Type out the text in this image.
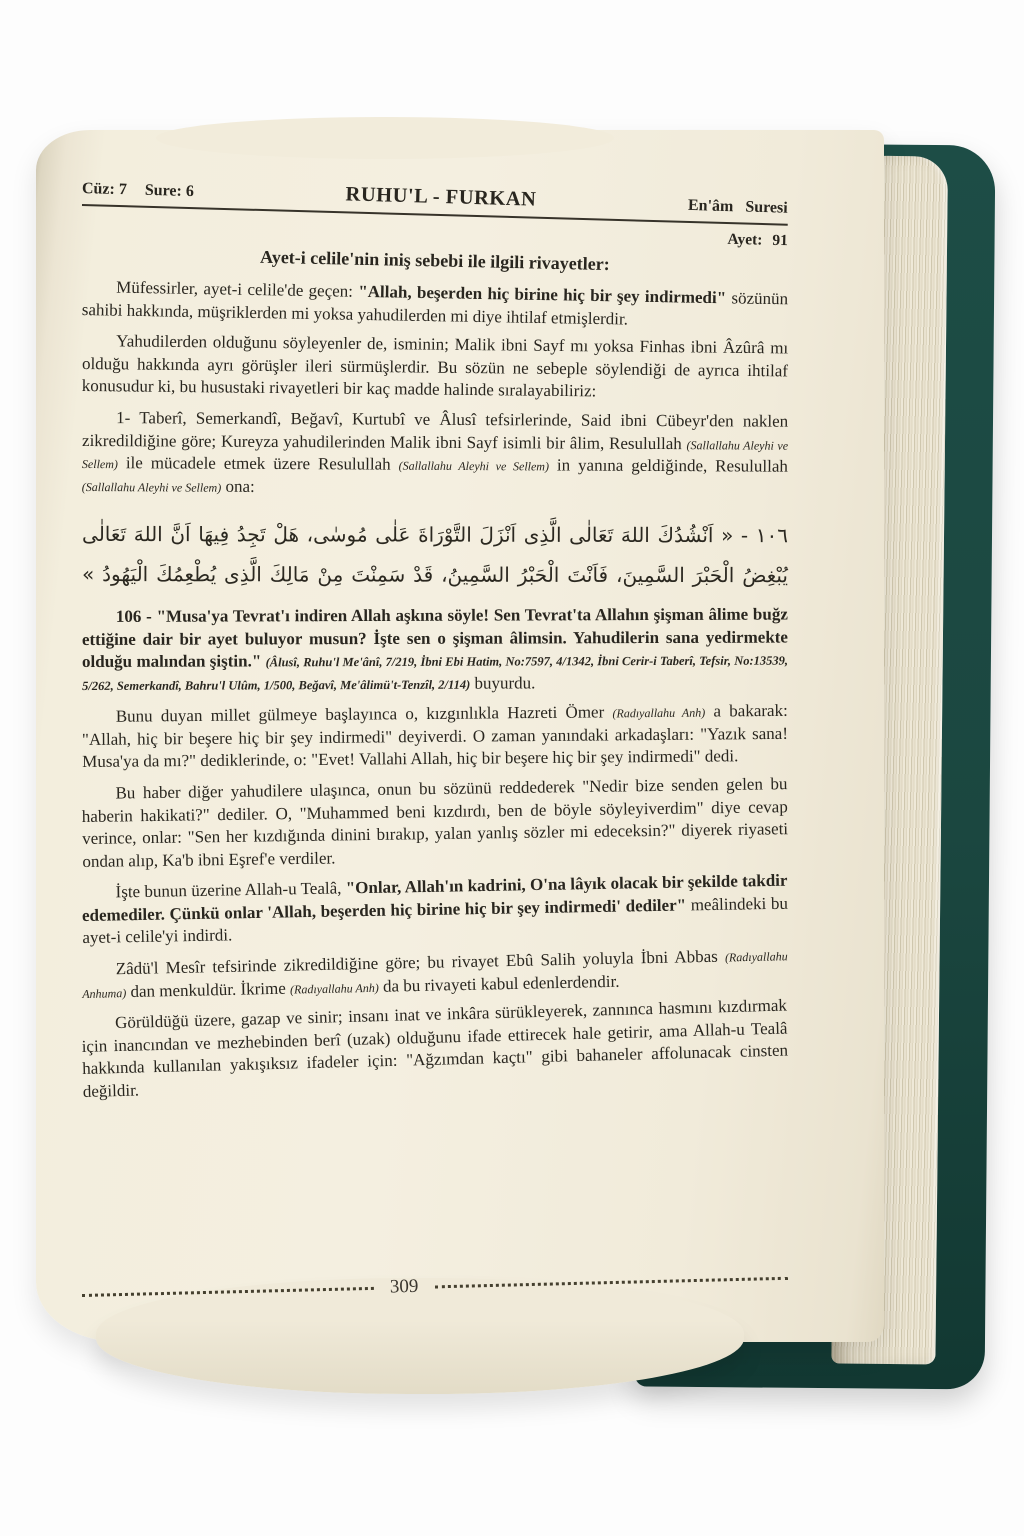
Cüz: 7 Sure: 6	RUHU'L - FURKAN	En'âm Suresi
Ayet: 91
Ayet-i celile'nin iniş sebebi ile ilgili rivayetler:

Müfessirler, ayet-i celile'de geçen: "Allah, beşerden hiç birine hiç bir şey indirmedi" sözünün sahibi hakkında, müşriklerden mi yoksa yahudilerden mi diye ihtilaf etmişlerdir.

Yahudilerden olduğunu söyleyenler de, isminin; Malik ibni Sayf mı yoksa Finhas ibni Âzûrâ mı olduğu hakkında ayrı görüşler ileri sürmüşlerdir. Bu sözün ne sebeple söylendiği de ayrıca ihtilaf konusudur ki, bu husustaki rivayetleri bir kaç madde halinde sıralayabiliriz:

1- Taberî, Semerkandî, Beğavî, Kurtubî ve Âlusî tefsirlerinde, Said ibni Cübeyr'den naklen zikredildiğine göre; Kureyza yahudilerinden Malik ibni Sayf isimli bir âlim, Resulullah (Sallallahu Aleyhi ve Sellem) ile mücadele etmek üzere Resulullah (Sallallahu Aleyhi ve Sellem) in yanına geldiğinde, Resulullah (Sallallahu Aleyhi ve Sellem) ona:

١٠٦ - « اَنْشُدُكَ اللهَ تَعَالٰى الَّذِى اَنْزَلَ التَّوْرَاةَ عَلٰى مُوسٰى، هَلْ تَجِدُ فِيهَا اَنَّ اللهَ تَعَالٰى
يُبْغِضُ الْحَبْرَ السَّمِينَ، فَاَنْتَ الْحَبْرُ السَّمِينُ، قَدْ سَمِنْتَ مِنْ مَالِكَ الَّذِى يُطْعِمُكَ الْيَهُودُ »

106 - "Musa'ya Tevrat'ı indiren Allah aşkına söyle! Sen Tevrat'ta Allahın şişman âlime buğz ettiğine dair bir ayet buluyor musun? İşte sen o şişman âlimsin. Yahudilerin sana yedirmekte olduğu malından şiştin." (Âlusî, Ruhu'l Me'ânî, 7/219, İbni Ebi Hatim, No:7597, 4/1342, İbni Cerir-i Taberî, Tefsir, No:13539, 5/262, Semerkandî, Bahru'l Ulûm, 1/500, Beğavî, Me'âlimü't-Tenzîl, 2/114) buyurdu.

Bunu duyan millet gülmeye başlayınca o, kızgınlıkla Hazreti Ömer (Radıyallahu Anh) a bakarak: "Allah, hiç bir beşere hiç bir şey indirmedi" deyiverdi. O zaman yanındaki arkadaşları: "Yazık sana! Musa'ya da mı?" dediklerinde, o: "Evet! Vallahi Allah, hiç bir beşere hiç bir şey indirmedi" dedi.

Bu haber diğer yahudilere ulaşınca, onun bu sözünü reddederek "Nedir bize senden gelen bu haberin hakikati?" dediler. O, "Muhammed beni kızdırdı, ben de böyle söyleyiverdim" diye cevap verince, onlar: "Sen her kızdığında dinini bırakıp, yalan yanlış sözler mi edeceksin?" diyerek riyaseti ondan alıp, Ka'b ibni Eşref'e verdiler.

İşte bunun üzerine Allah-u Tealâ, "Onlar, Allah'ın kadrini, O'na lâyık olacak bir şekilde takdir edemediler. Çünkü onlar 'Allah, beşerden hiç birine hiç bir şey indirmedi' dediler" meâlindeki bu ayet-i celile'yi indirdi.

Zâdü'l Mesîr tefsirinde zikredildiğine göre; bu rivayet Ebû Salih yoluyla İbni Abbas (Radıyallahu Anhuma) dan menkuldür. İkrime (Radıyallahu Anh) da bu rivayeti kabul edenlerdendir.

Görüldüğü üzere, gazap ve sinir; insanı inat ve inkâra sürükleyerek, zannınca hasmını kızdırmak için inancından ve mezhebinden berî (uzak) olduğunu ifade ettirecek hale getirir, ama Allah-u Tealâ hakkında kullanılan yakışıksız ifadeler için: "Ağzımdan kaçtı" gibi bahaneler affolunacak cinsten değildir.

309
